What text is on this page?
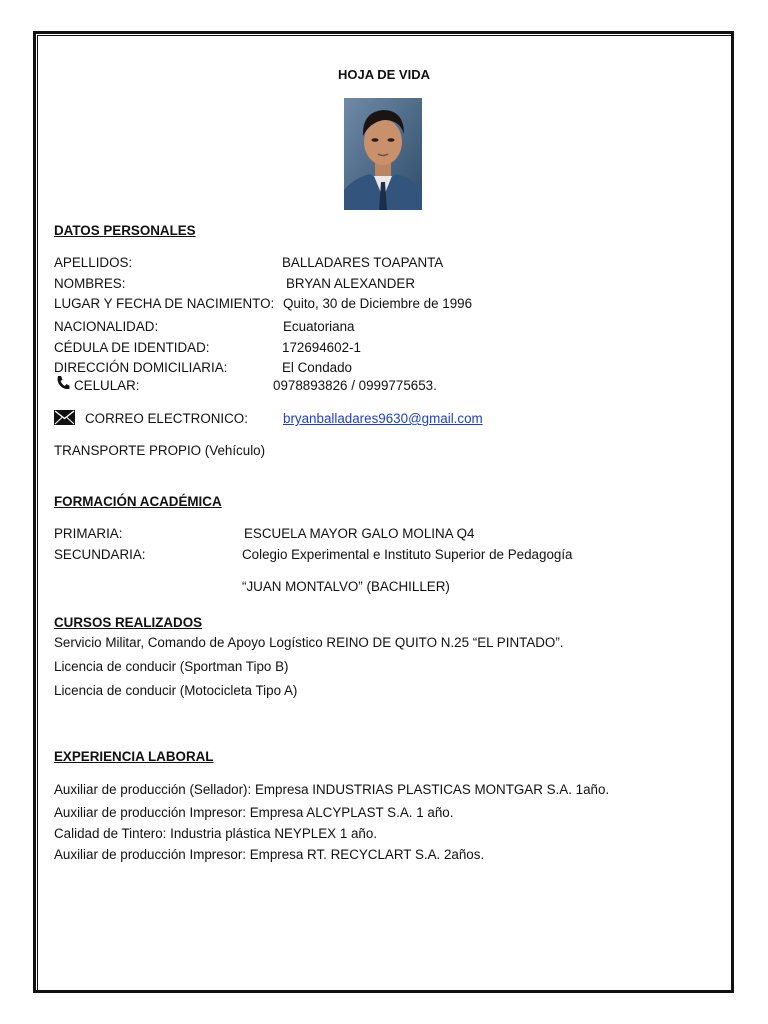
HOJA DE VIDA
DATOS PERSONALES
APELLIDOS:	BALLADARES TOAPANTA
NOMBRES:	BRYAN ALEXANDER
LUGAR Y FECHA DE NACIMIENTO: Quito, 30 de Diciembre de 1996
NACIONALIDAD:	Ecuatoriana
CÉDULA DE IDENTIDAD:	172694602-1
DIRECCIÓN DOMICILIARIA:	El Condado
CELULAR:	0978893826 / 0999775653.
CORREO ELECTRONICO:	bryanballadares9630@gmail.com
TRANSPORTE PROPIO (Vehículo)
FORMACIÓN ACADÉMICA
PRIMARIA:	ESCUELA MAYOR GALO MOLINA Q4
SECUNDARIA:	Colegio Experimental e Instituto Superior de Pedagogía
“JUAN MONTALVO” (BACHILLER)
CURSOS REALIZADOS
Servicio Militar, Comando de Apoyo Logístico REINO DE QUITO N.25 “EL PINTADO”.
Licencia de conducir (Sportman Tipo B)
Licencia de conducir (Motocicleta Tipo A)
EXPERIENCIA LABORAL
Auxiliar de producción (Sellador): Empresa INDUSTRIAS PLASTICAS MONTGAR S.A. 1año.
Auxiliar de producción Impresor: Empresa ALCYPLAST S.A. 1 año.
Calidad de Tintero: Industria plástica NEYPLEX 1 año.
Auxiliar de producción Impresor: Empresa RT. RECYCLART S.A. 2años.
